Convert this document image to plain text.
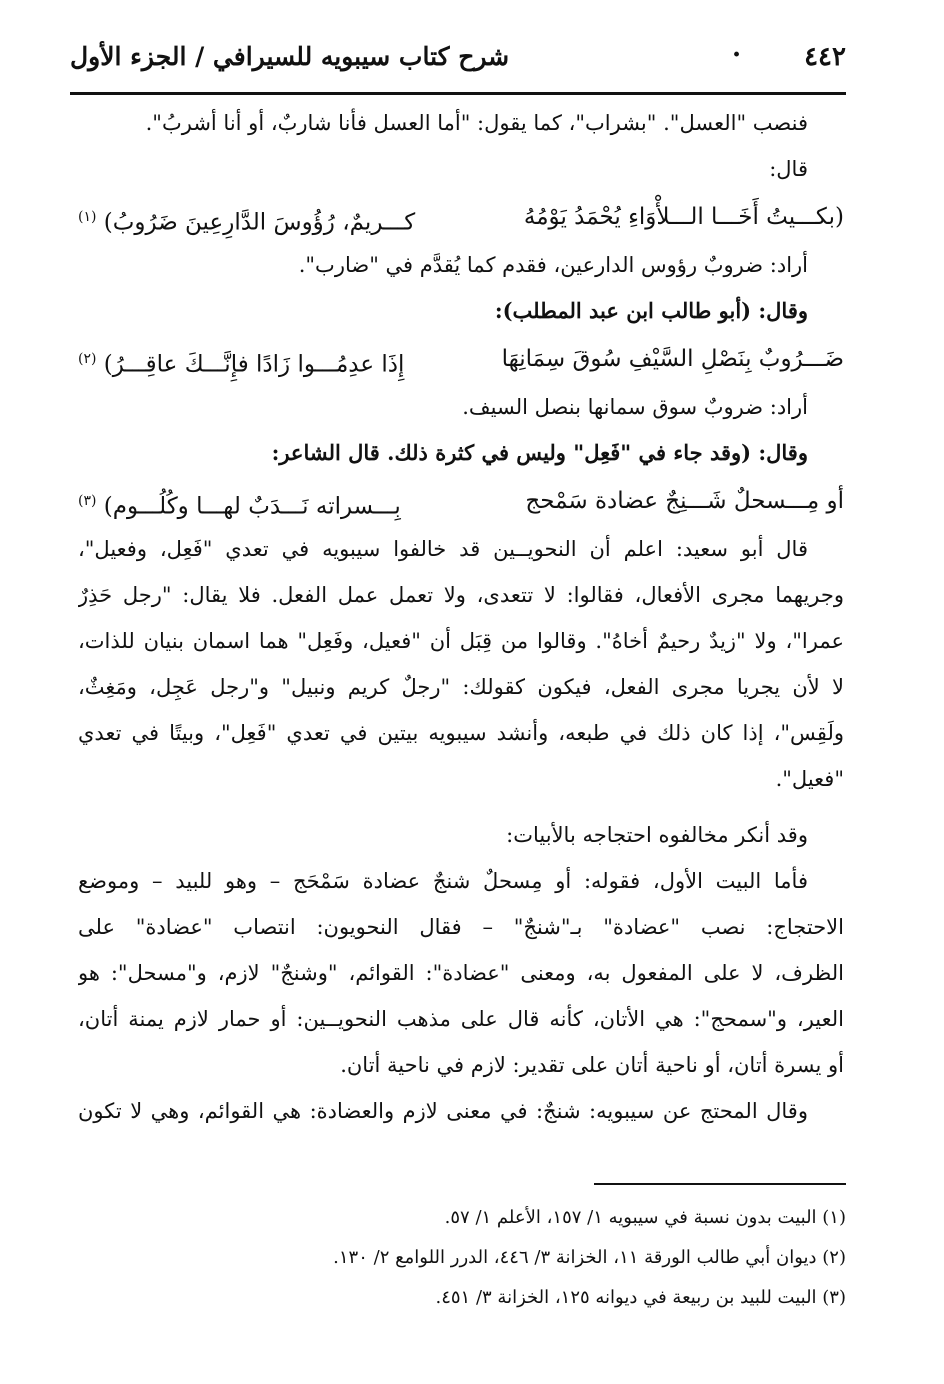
شرح كتاب سيبويه للسيرافي / الجزء الأول	· ٤٤٢
فنصب "العسل". "بشراب"، كما يقول: "أما العسل فأنا شاربٌ، أو أنا أشربُ".
قال:
(بكـــيتُ أَخَـــا الـــلأْوَاءِ يُحْمَدُ يَوْمُهُ
كـــريمٌ، رُؤُوسَ الدَّارِعِينَ ضَرُوبُ) $^{(١)}$
أراد: ضروبٌ رؤوس الدارعين، فقدم كما يُقدَّم في "ضارب".
وقال: (أبو طالب ابن عبد المطلب):
ضَـــرُوبٌ بِنَصْلِ السَّيْفِ سُوقَ سِمَانِهَا
إِذَا عدِمُـــوا زَادًا فإِنَّـــكَ عاقِـــرُ) $^{(٢)}$
أراد: ضروبٌ سوق سمانها بنصل السيف.
وقال: (وقد جاء في "فَعِل" وليس في كثرة ذلك. قال الشاعر:
أو مِـــسحلٌ شَـــنِجٌ عضادة سَمْحج
بِـــسراته نَـــدَبٌ لهـــا وكُلُـــوم) $^{(٣)}$
قال أبو سعيد: اعلم أن النحويــين قد خالفوا سيبويه في تعدي "فَعِل، وفعيل"،
وجريهما مجرى الأفعال، فقالوا: لا تتعدى، ولا تعمل عمل الفعل. فلا يقال: "رجل حَذِرٌ
عمرا"، ولا "زيدٌ رحيمٌ أخاهُ". وقالوا من قِبَل أن "فعيل، وفَعِل" هما اسمان بنيان للذات،
لا لأن يجريا مجرى الفعل، فيكون كقولك: "رجلٌ كريم ونبيل" و"رجل عَجِل، ومَغِثٌ،
ولَقِس"، إذا كان ذلك في طبعه، وأنشد سيبويه بيتين في تعدي "فَعِل"، وبيتًا في تعدي
"فعيل".
وقد أنكر مخالفوه احتجاجه بالأبيات:
فأما البيت الأول، فقوله: أو مِسحلٌ شنجٌ عضادة سَمْحَج – وهو للبيد – وموضع
الاحتجاج: نصب "عضادة" بـ"شنجٌ" – فقال النحويون: انتصاب "عضادة" على
الظرف، لا على المفعول به، ومعنى "عضادة": القوائم، "وشنجٌ" لازم، و"مسحل": هو
العير، و"سمحج": هي الأتان، كأنه قال على مذهب النحويــين: أو حمار لازم يمنة أتان،
أو يسرة أتان، أو ناحية أتان على تقدير: لازم في ناحية أتان.
وقال المحتج عن سيبويه: شنجٌ: في معنى لازم والعضادة: هي القوائم، وهي لا تكون
(١) البيت بدون نسبة في سيبويه ١/ ١٥٧، الأعلم ١/ ٥٧.
(٢) ديوان أبي طالب الورقة ١١، الخزانة ٣/ ٤٤٦، الدرر اللوامع ٢/ ١٣٠.
(٣) البيت للبيد بن ربيعة في ديوانه ١٢٥، الخزانة ٣/ ٤٥١.
